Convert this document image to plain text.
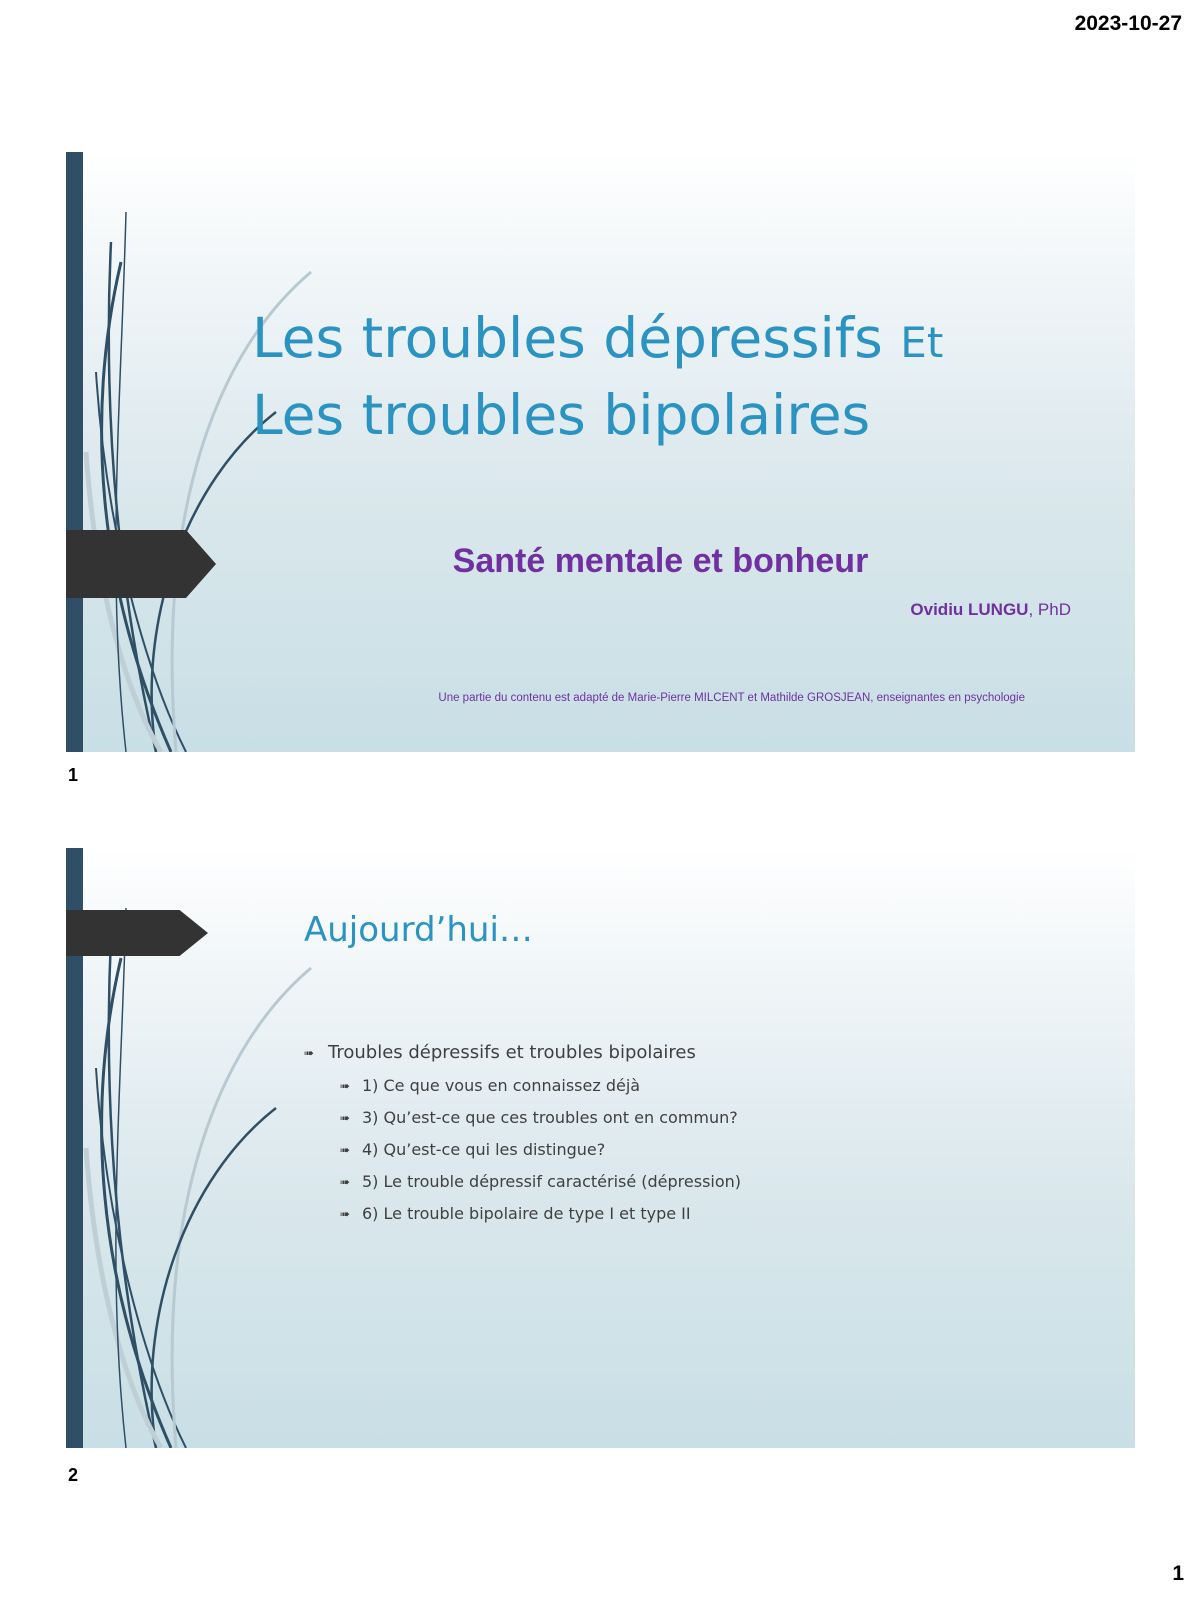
2023-10-27
Les troubles dépressifs Et
Les troubles bipolaires
Santé mentale et bonheur
Ovidiu LUNGU, PhD
Une partie du contenu est adapté de Marie-Pierre MILCENT et Mathilde GROSJEAN, enseignantes en psychologie
1
Aujourd’hui…
➠ Troubles dépressifs et troubles bipolaires
➠ 1) Ce que vous en connaissez déjà
➠ 3) Qu’est-ce que ces troubles ont en commun?
➠ 4) Qu’est-ce qui les distingue?
➠ 5) Le trouble dépressif caractérisé (dépression)
➠ 6) Le trouble bipolaire de type I et type II
2
1
